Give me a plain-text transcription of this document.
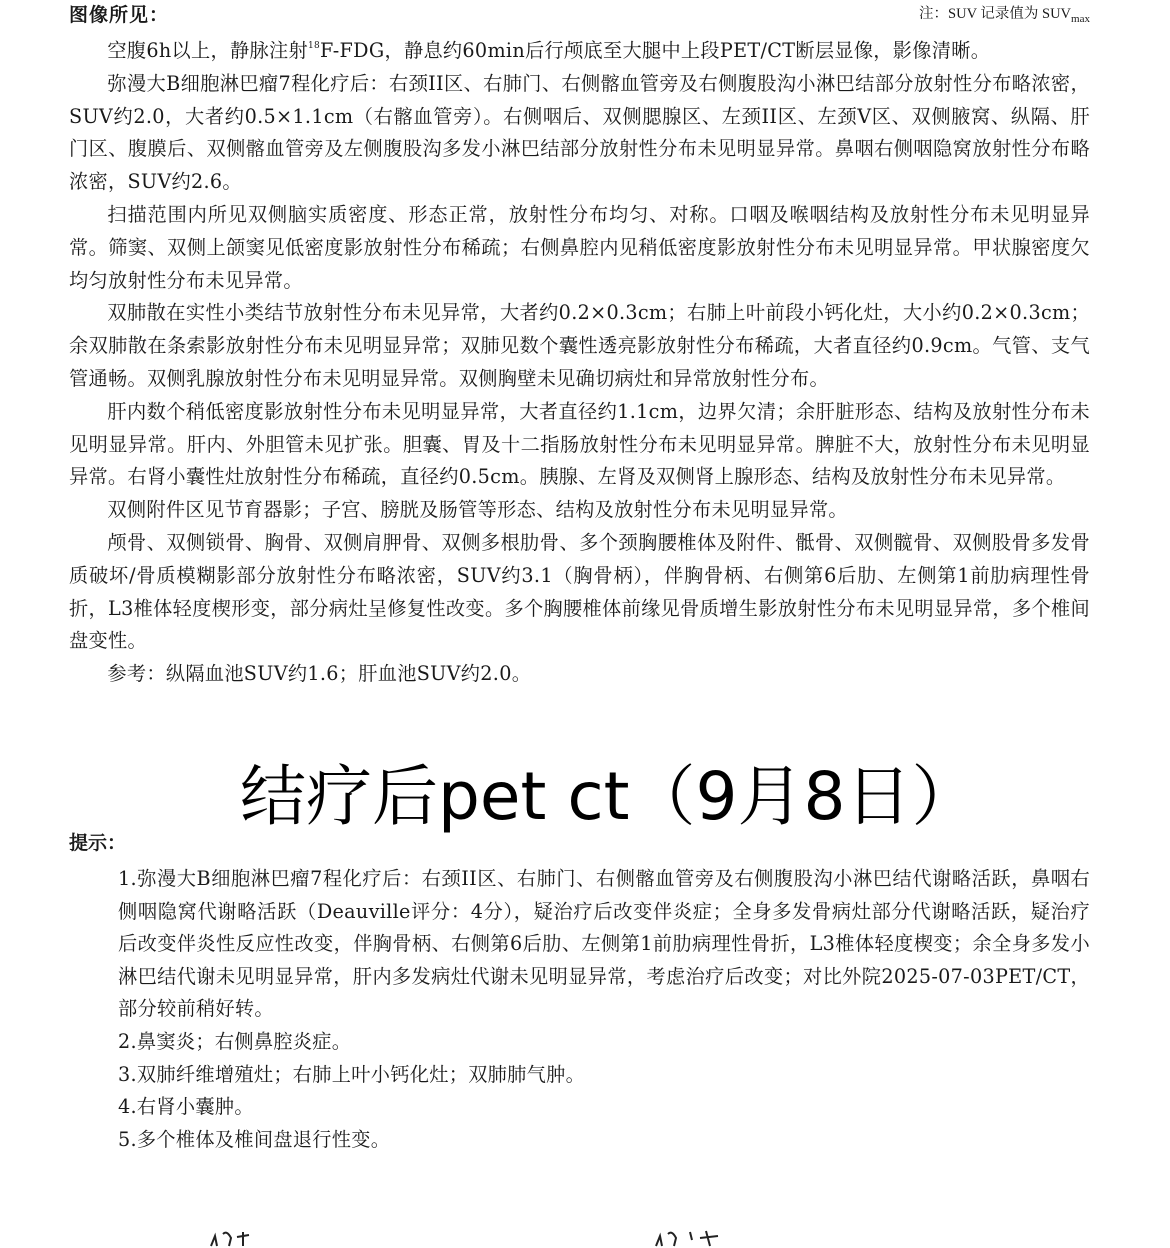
图像所见：	注：SUV 记录值为 $SUV_{max}$

空腹6h以上，静脉注射$^{18}$F-FDG，静息约60min后行颅底至大腿中上段PET/CT断层显像，影像清晰。

弥漫大B细胞淋巴瘤7程化疗后：右颈II区、右肺门、右侧髂血管旁及右侧腹股沟小淋巴结部分放射性分布略浓密，SUV约2.0，大者约0.5×1.1cm（右髂血管旁）。右侧咽后、双侧腮腺区、左颈II区、左颈V区、双侧腋窝、纵隔、肝门区、腹膜后、双侧髂血管旁及左侧腹股沟多发小淋巴结部分放射性分布未见明显异常。鼻咽右侧咽隐窝放射性分布略浓密，SUV约2.6。

扫描范围内所见双侧脑实质密度、形态正常，放射性分布均匀、对称。口咽及喉咽结构及放射性分布未见明显异常。筛窦、双侧上颌窦见低密度影放射性分布稀疏；右侧鼻腔内见稍低密度影放射性分布未见明显异常。甲状腺密度欠均匀放射性分布未见异常。

双肺散在实性小类结节放射性分布未见异常，大者约0.2×0.3cm；右肺上叶前段小钙化灶，大小约0.2×0.3cm；余双肺散在条索影放射性分布未见明显异常；双肺见数个囊性透亮影放射性分布稀疏，大者直径约0.9cm。气管、支气管通畅。双侧乳腺放射性分布未见明显异常。双侧胸壁未见确切病灶和异常放射性分布。

肝内数个稍低密度影放射性分布未见明显异常，大者直径约1.1cm，边界欠清；余肝脏形态、结构及放射性分布未见明显异常。肝内、外胆管未见扩张。胆囊、胃及十二指肠放射性分布未见明显异常。脾脏不大，放射性分布未见明显异常。右肾小囊性灶放射性分布稀疏，直径约0.5cm。胰腺、左肾及双侧肾上腺形态、结构及放射性分布未见异常。

双侧附件区见节育器影；子宫、膀胱及肠管等形态、结构及放射性分布未见明显异常。

颅骨、双侧锁骨、胸骨、双侧肩胛骨、双侧多根肋骨、多个颈胸腰椎体及附件、骶骨、双侧髋骨、双侧股骨多发骨质破坏/骨质模糊影部分放射性分布略浓密，SUV约3.1（胸骨柄），伴胸骨柄、右侧第6后肋、左侧第1前肋病理性骨折，L3椎体轻度楔形变，部分病灶呈修复性改变。多个胸腰椎体前缘见骨质增生影放射性分布未见明显异常，多个椎间盘变性。

参考：纵隔血池SUV约1.6；肝血池SUV约2.0。

结疗后pet ct（9月8日）
提示：

1.弥漫大B细胞淋巴瘤7程化疗后：右颈II区、右肺门、右侧髂血管旁及右侧腹股沟小淋巴结代谢略活跃，鼻咽右侧咽隐窝代谢略活跃（Deauville评分：4分），疑治疗后改变伴炎症；全身多发骨病灶部分代谢略活跃，疑治疗后改变伴炎性反应性改变，伴胸骨柄、右侧第6后肋、左侧第1前肋病理性骨折，L3椎体轻度楔变；余全身多发小淋巴结代谢未见明显异常，肝内多发病灶代谢未见明显异常，考虑治疗后改变；对比外院2025-07-03PET/CT，部分较前稍好转。

2.鼻窦炎；右侧鼻腔炎症。

3.双肺纤维增殖灶；右肺上叶小钙化灶；双肺肺气肿。

4.右肾小囊肿。

5.多个椎体及椎间盘退行性变。
